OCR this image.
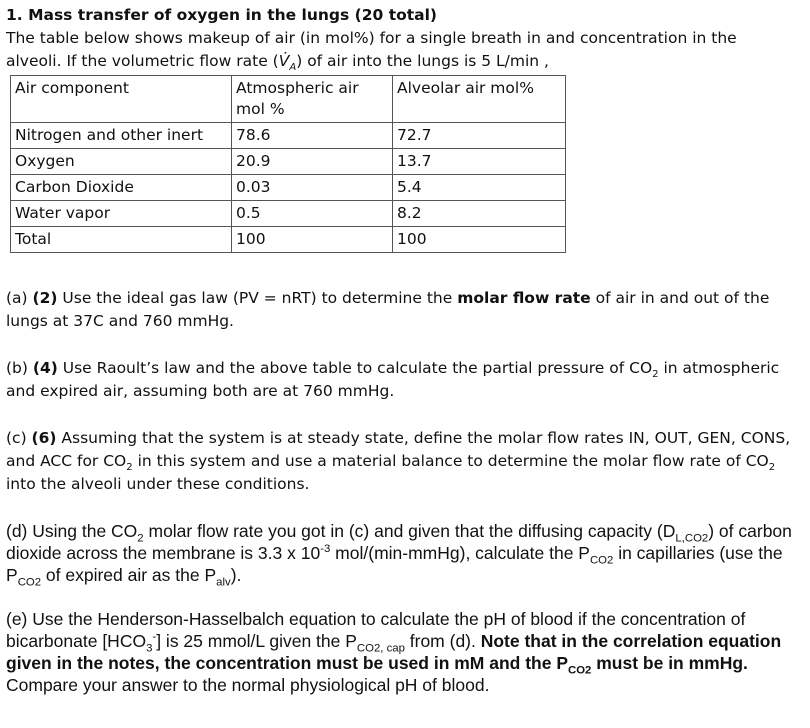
1. Mass transfer of oxygen in the lungs (20 total)

The table below shows makeup of air (in mol%) for a single breath in and concentration in the
alveoli. If the volumetric flow rate $(V̇_A)$ of air into the lungs is 5 L/min ,

Air component	Atmospheric air mol %	Alveolar air mol%
Nitrogen and other inert	78.6	72.7
Oxygen	20.9	13.7
Carbon Dioxide	0.03	5.4
Water vapor	0.5	8.2
Total	100	100

(a) (2) Use the ideal gas law (PV = nRT) to determine the molar flow rate of air in and out of the lungs at 37C and 760 mmHg.

(b) (4) Use Raoult’s law and the above table to calculate the partial pressure of $CO_2$ in atmospheric and expired air, assuming both are at 760 mmHg.

(c) (6) Assuming that the system is at steady state, define the molar flow rates IN, OUT, GEN, CONS, and ACC for $CO_2$ in this system and use a material balance to determine the molar flow rate of $CO_2$ into the alveoli under these conditions.

(d) Using the $CO_2$ molar flow rate you got in (c) and given that the diffusing capacity $(D_{L,CO2})$ of carbon dioxide across the membrane is 3.3 x $10^{-3}$ mol/(min-mmHg), calculate the $P_{CO2}$ in capillaries (use the $P_{CO2}$ of expired air as the $P_{alv}$).

(e) Use the Henderson-Hasselbalch equation to calculate the pH of blood if the concentration of bicarbonate $[HCO_3^-]$ is 25 mmol/L given the $P_{CO2, cap}$ from (d). Note that in the correlation equation given in the notes, the concentration must be used in mM and the $P_{CO2}$ must be in mmHg. Compare your answer to the normal physiological pH of blood.
